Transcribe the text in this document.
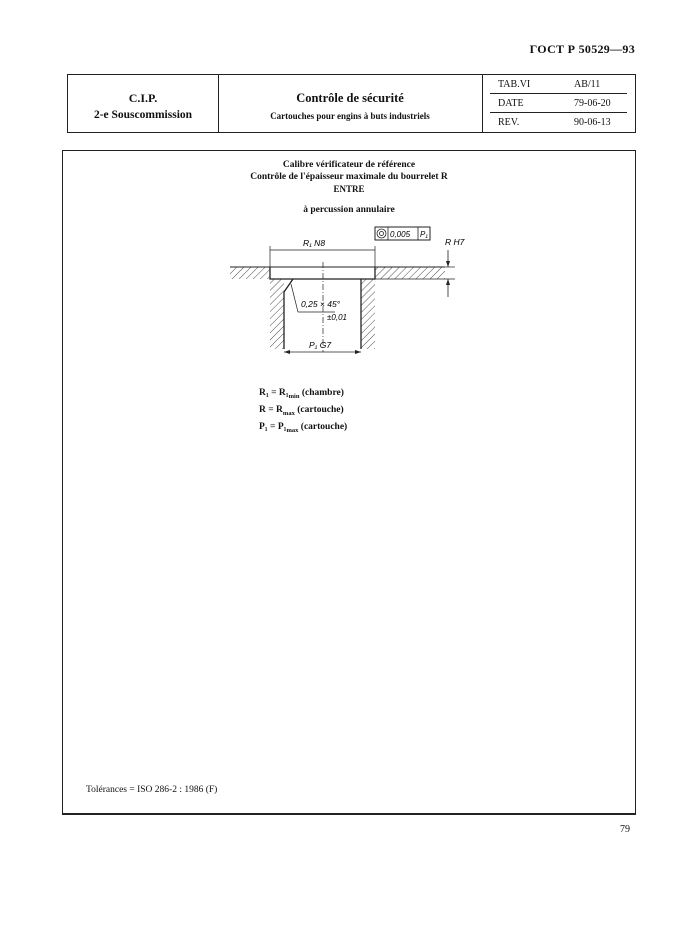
ГОСТ Р 50529—93
C.I.P.
2-e Souscommission
Contrôle de sécurité
Cartouches pour engins à buts industriels
TAB.VI	AB/11
DATE	79-06-20
REV.	90-06-13
Calibre vérificateur de référence
Contrôle de l'épaisseur maximale du bourrelet R
ENTRE
à percussion annulaire
R₁ N8
0,005 P₁
R H7
0,25 × 45°
±0,01
P₁ G7
$R_1 = R_1_{min}$ (chambre)
$R = R_{max}$ (cartouche)
$P_1 = P_1_{max}$ (cartouche)
Tolérances = ISO 286-2 : 1986 (F)
79
